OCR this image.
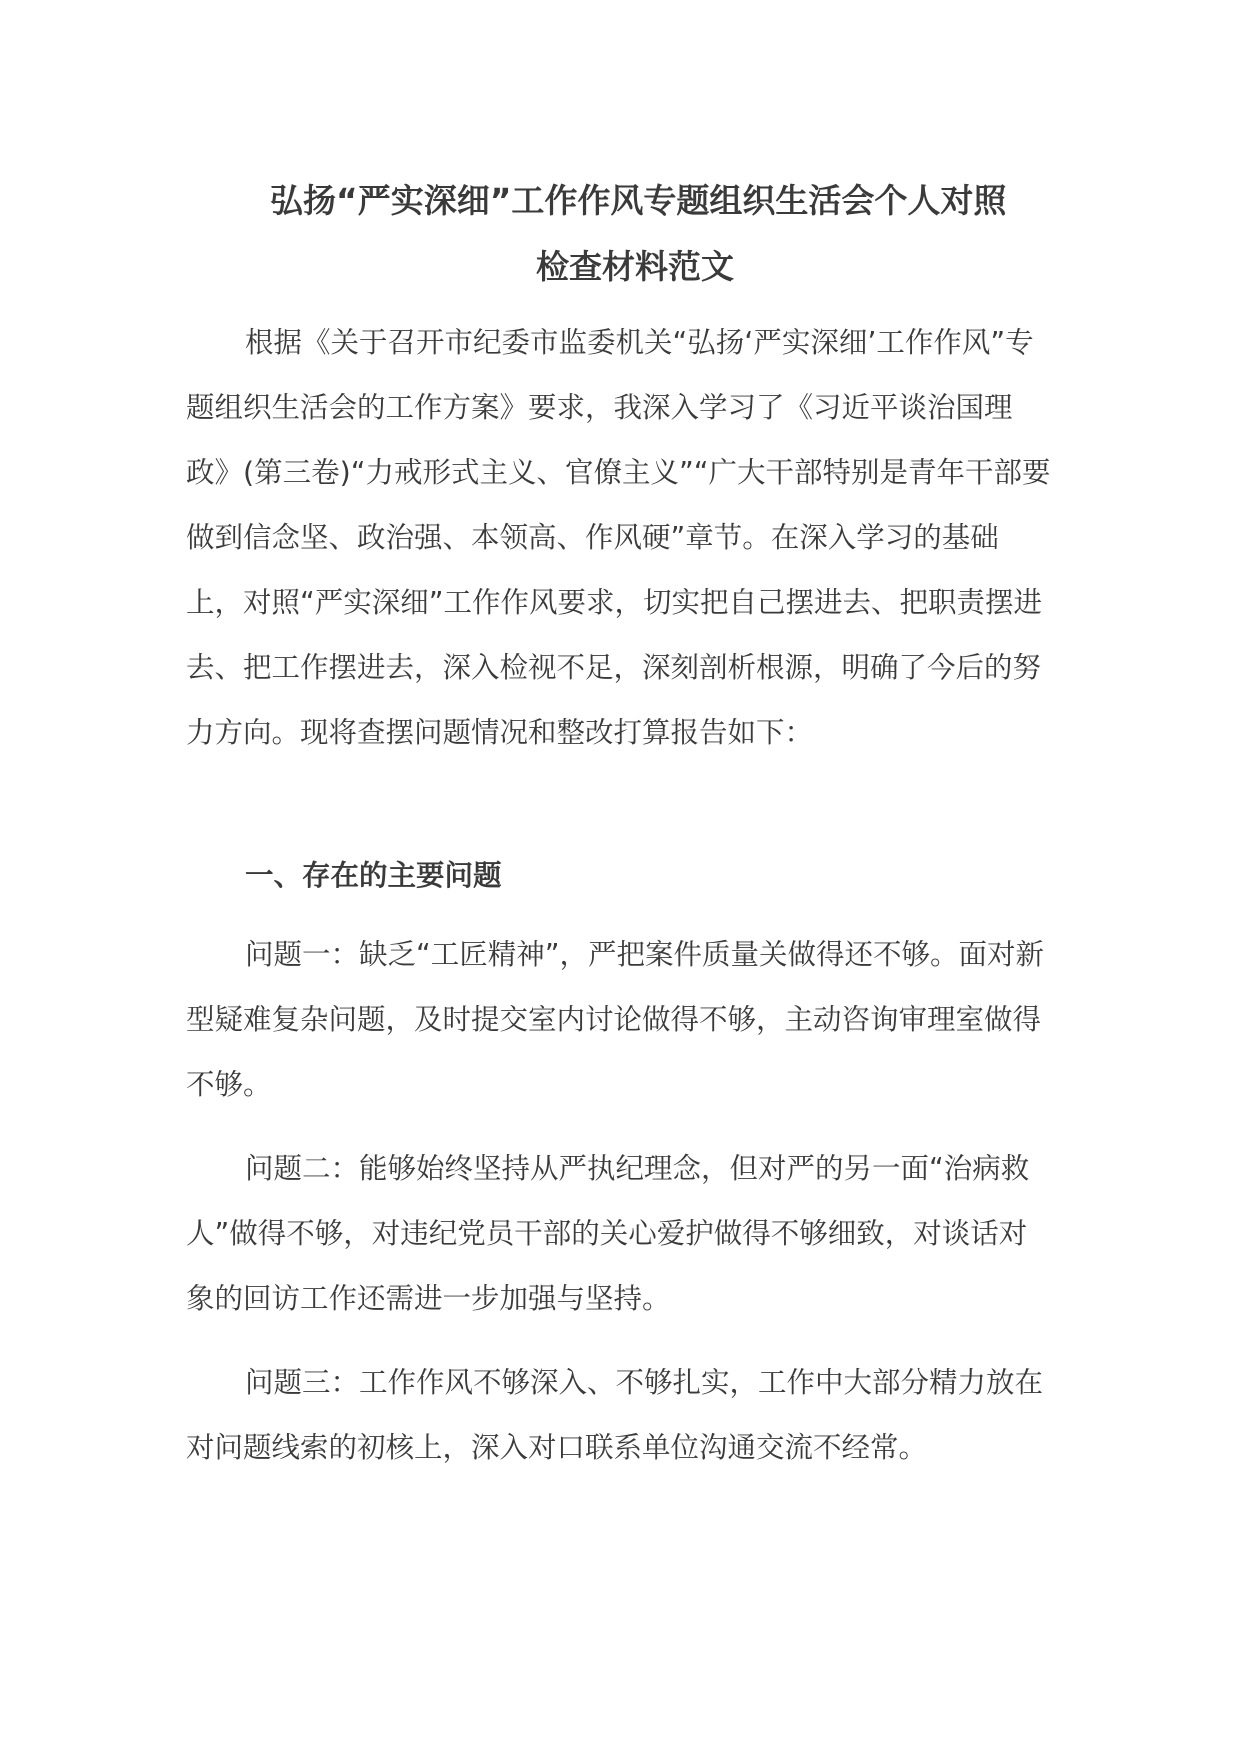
弘扬“严实深细”工作作风专题组织生活会个人对照
检查材料范文

根据《关于召开市纪委市监委机关“弘扬‘严实深细’工作作风”专题组织生活会的工作方案》要求，我深入学习了《习近平谈治国理政》(第三卷)“力戒形式主义、官僚主义”“广大干部特别是青年干部要做到信念坚、政治强、本领高、作风硬”章节。在深入学习的基础上，对照“严实深细”工作作风要求，切实把自己摆进去、把职责摆进去、把工作摆进去，深入检视不足，深刻剖析根源，明确了今后的努力方向。现将查摆问题情况和整改打算报告如下：

一、存在的主要问题

问题一：缺乏“工匠精神”，严把案件质量关做得还不够。面对新型疑难复杂问题，及时提交室内讨论做得不够，主动咨询审理室做得不够。

问题二：能够始终坚持从严执纪理念，但对严的另一面“治病救人”做得不够，对违纪党员干部的关心爱护做得不够细致，对谈话对象的回访工作还需进一步加强与坚持。

问题三：工作作风不够深入、不够扎实，工作中大部分精力放在对问题线索的初核上，深入对口联系单位沟通交流不经常。
